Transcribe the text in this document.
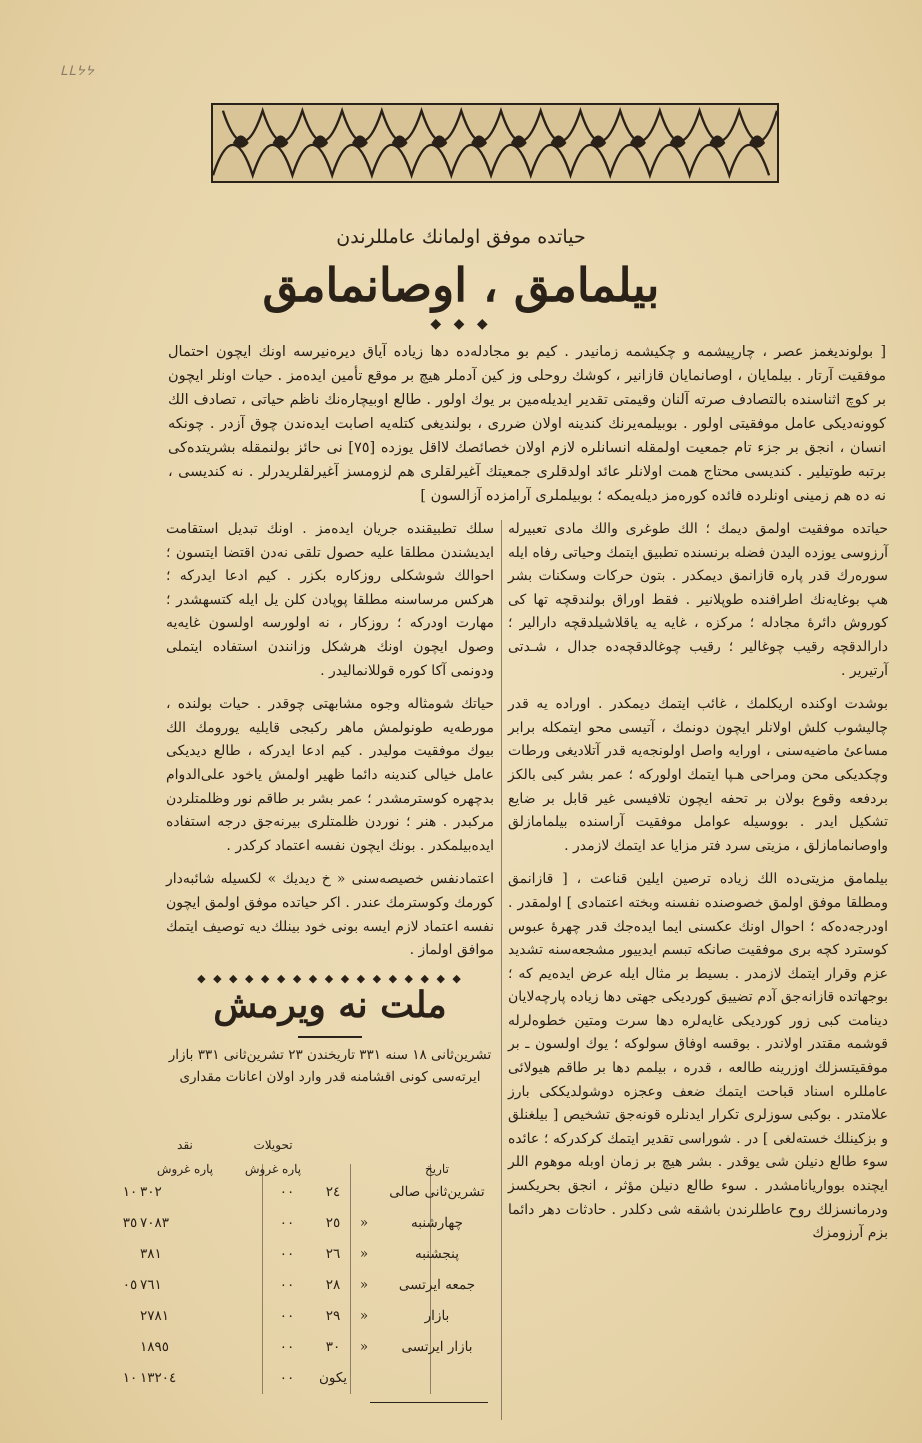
ᒪᒪᔭᔭ
حیاتده موفق اولمانك عامللرندن
بیلمامق ، اوصانمامق
◆ ◆ ◆
[ بولوندیغمز عصر ، چارپیشمه و چکیشمه زمانیدر . کیم بو مجادله‌ده دها زیاده آیاق دیرەنیرسه اونك ایچون احتمال موفقیت آرتار . بیلمایان ، اوصانمایان قازانیر ، کوشك روحلی وز کین آدملر هیچ بر موقع تأمین ایده‌مز . حیات اونلر ایچون بر کوچ اثناسنده بالتصادف صرته آلنان وقیمتی تقدیر ایدیله‌مین بر یوك اولور . طالع اوبیچاره‌نك ناظم حیاتی ، تصادف الك کوونه‌دیکی عامل موفقیتی اولور . بوبیلمه‌یرنك کندینه اولان ضرری ، بولندیغی کتله‌یه اصابت ایده‌ندن چوق آزدر . چونکه انسان ، انجق بر جزء تام جمعیت اولمقله انسانلره لازم اولان خصائصك لااقل یوزده [٧٥] نی حائز بولنمقله بشریتده‌کی برتبه طوتیلیر . کندیسی محتاج همت اولانلر عائد اولدقلری جمعیتك آغیرلقلری هم لزومسز آغیرلقلریدرلر . نه کندیسی ، نه ده هم زمینی اونلرده فائده کوره‌مز دیله‌یمکه ؛ بوبیلملری آرامزده آزالسون ]

حیاتده موفقیت اولمق دیمك ؛ الك طوغری والك مادی تعبیرله آرزوسی یوزده الیدن فضله برنسنده تطبیق ایتمك وحیاتی رفاه ایله سوره‌رك قدر پاره قازانمق دیمکدر . بتون حرکات وسکنات بشر هپ بوغایه‌نك اطرافنده طوپلانیر . فقط اوراق بولندقچه تها کی کوروش دائرهٔ مجادله ؛ مرکزه ، غایه یه یاقلاشیلدقچه دارالیر ؛ دارالدقچه رقیب چوغالیر ؛ رقیب چوغالدقچه‌ده جدال ، شـدتی آرتیریر .

بوشدت اوکنده اریکلمك ، غائب ایتمك دیمکدر . اوراده یه قدر چالیشوب کلش اولانلر ایچون دونمك ، آتیسی محو ایتمکله برابر مساعیٔ ماضیه‌سنی ، اورایه واصل اولونجه‌یه قدر آتلادیغی ورطات وچکدیکی محن ومراحی هـپا ایتمك اولورکه ؛ عمر بشر کبی بالکز بردفعه وقوع بولان بر تحفه ایچون تلافیسی غیر قابل بر ضایع تشکیل ایدر . بووسیله عوامل موفقیت آراسنده بیلمامازلق واوصانمامازلق ، مزیتی سرد فتر مزایا عد ایتمك لازمدر .

بیلمامق مزیتی‌ده الك زیاده ترصین ایلین قناعت ، [ قازانمق ومطلقا موفق اولمق خصوصنده نفسنه وبخته اعتمادی ] اولمقدر . اودرجه‌ده‌که ؛ احوال اونك عکسنی ایما ایده‌جك قدر چهرهٔ عبوس کوسترد کچه بری موفقیت صانکه تبسم ایدییور مشجعه‌سنه تشدید عزم وقرار ایتمك لازمدر . بسیط بر مثال ایله عرض ایده‌یم که ؛ بوجهاتده قازانه‌جق آدم تضییق کوردیکی جهتی دها زیاده پارچه‌لایان دینامت کبی زور کوردیکی غایه‌لره دها سرت ومتین خطوه‌لرله قوشمه مقتدر اولاندر . بوقسه اوفاق سولوکه ؛ یوك اولسون ـ بر موفقیتسزلك اوزرینه طالعه ، قدره ، بیلمم دها بر طاقم هیولائی عامللره اسناد قباحت ایتمك ضعف وعجزه دوشولدیککی بارز علامتدر . بوکبی سوزلری تکرار ایدنلره قونه‌جق تشخیص [ بیلغنلق و بزکینلك خستەلغی ] در . شوراسی تقدیر ایتمك کرکدرکه ؛ عائده سوء طالع دنیلن شی یوقدر . بشر هیچ بر زمان اوبله موهوم اللر ایچنده بوواریانامشدر . سوء طالع دنیلن مؤثر ، انجق بحریکسز ودرمانسزلك روح عاطلرندن باشقه شی دکلدر . حادثات دهر دائما بزم آرزومزك

سلك تطبیقنده جریان ایده‌مز . اونك تبدیل استقامت ایدیشندن مطلقا علیه حصول تلقی نه‌دن اقتضا ایتسون ؛ احوالك شوشکلی روزکاره بکزر . کیم ادعا ایدرکه ؛ هرکس مرساسنه مطلقا پوپادن کلن یل ایله کتسهشدر ؛ مهارت اودرکه ؛ روزکار ، نه اولورسه اولسون غایه‌یه وصول ایچون اونك هرشکل وزانندن استفاده ایتملی ودونمی آکا کوره قوللانمالیدر .

حیاتك شومثاله وجوه مشابهتی چوقدر . حیات بولنده ، مورطه‌یه طونولمش ماهر رکبجی قایلیه یورومك الك بیوك موفقیت مولیدر . کیم ادعا ایدرکه ، طالع دیدیکی عامل خیالی کندینه دائما ظهیر اولمش یاخود علی‌الدوام بدچهره کوسترمشدر ؛ عمر بشر بر طاقم نور وظلمتلردن مرکبدر . هنر ؛ نوردن ظلمتلری بیرنه‌جق درجه استفاده ایده‌بیلمکدر . بونك ایچون نفسه اعتماد کرکدر .

اعتمادنفس خصیصه‌سنی « خ دیدیك » لکسیله شائبه‌دار کورمك وکوسترمك عندر . اکر حیاتده موفق اولمق ایچون نفسه اعتماد لازم ایسه بونی خود بینلك دیه توصیف ایتمك موافق اولماز .

◆ ◆ ◆ ◆ ◆ ◆ ◆ ◆ ◆ ◆ ◆ ◆ ◆ ◆ ◆ ◆ ◆
ملت نه ویرمش
تشرین‌ثانی ١٨ سنه ٣٣١ تاریخندن ٢٣ تشرین‌ثانی ٣٣١ بازار ایرتەسی كونی اقشامنه قدر وارد اولان اعانات مقداری
تحویلات
نقد
تاریخ
پاره غروش
پاره غروش
تشرین‌ثانی صالی
٢٤
٠٠
٣٠٢
١٠
چهارشنبه
«
٢٥
٠٠
٧٠٨٣
٣٥
پنجشنبه
«
٢٦
٠٠
٣٨١
جمعه ایرتسی
«
٢٨
٠٠
٧٦١
٠٥
بازار
«
٢٩
٠٠
٢٧٨١
بازار ایرتسی
«
٣٠
٠٠
١٨٩٥
يكون
٠٠
١٣٢٠٤
١٠
